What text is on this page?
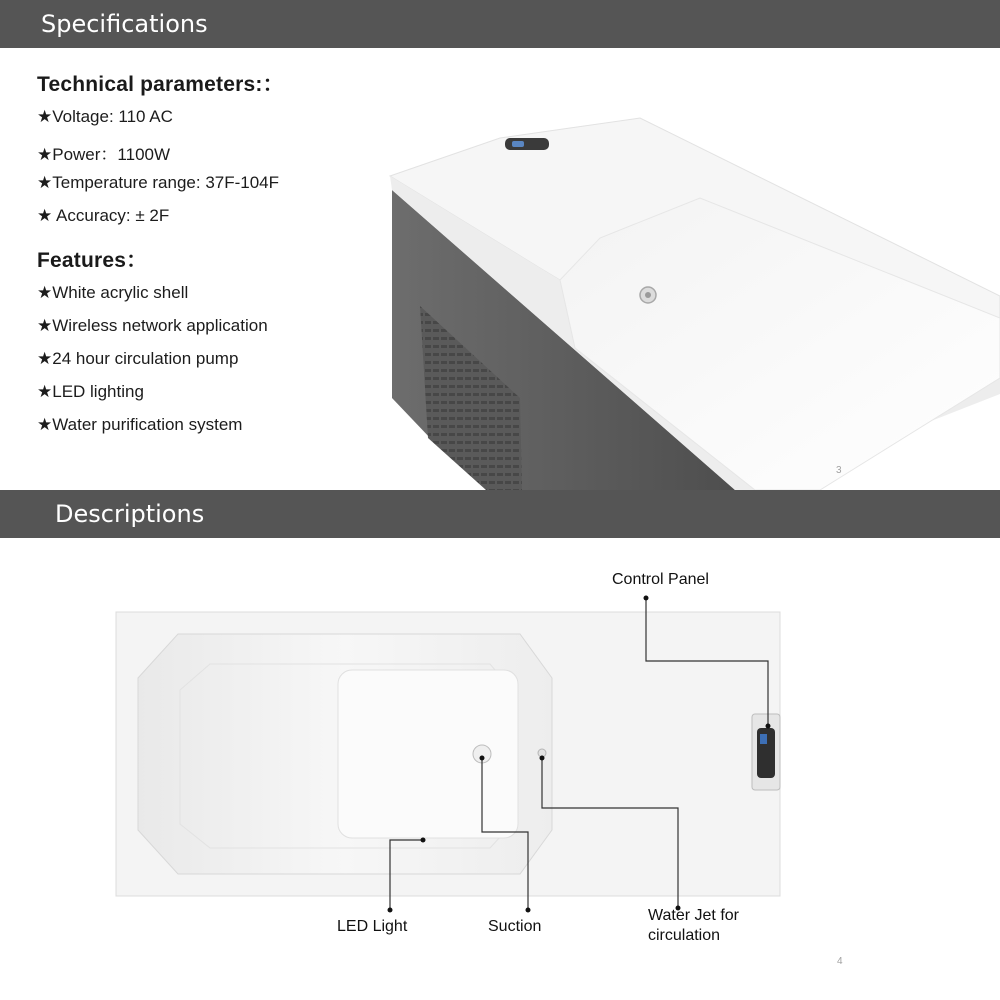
Specifications
Technical parameters:：
★Voltage: 110 AC
★Power：1100W
★Temperature range: 37F-104F
★ Accuracy: ± 2F
Features：
★White acrylic shell
★Wireless network application
★24 hour circulation pump
★LED lighting
★Water purification system
3
Descriptions
Control Panel
LED Light	Suction
Water Jet for
circulation
4
